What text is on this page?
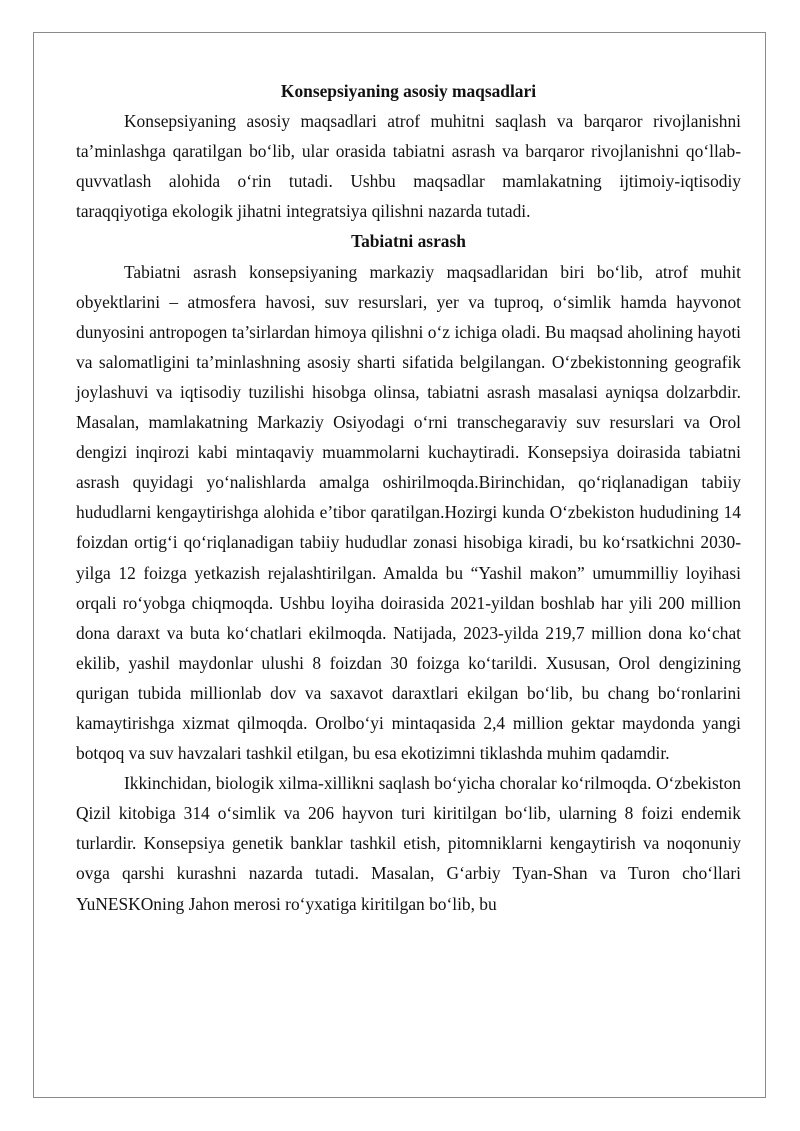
Konsepsiyaning asosiy maqsadlari

Konsepsiyaning asosiy maqsadlari atrof muhitni saqlash va barqaror rivojlanishni ta’minlashga qaratilgan bo‘lib, ular orasida tabiatni asrash va barqaror rivojlanishni qo‘llab-quvvatlash alohida o‘rin tutadi. Ushbu maqsadlar mamlakatning ijtimoiy-iqtisodiy taraqqiyotiga ekologik jihatni integratsiya qilishni nazarda tutadi.

Tabiatni asrash

Tabiatni asrash konsepsiyaning markaziy maqsadlaridan biri bo‘lib, atrof muhit obyektlarini – atmosfera havosi, suv resurslari, yer va tuproq, o‘simlik hamda hayvonot dunyosini antropogen ta’sirlardan himoya qilishni o‘z ichiga oladi. Bu maqsad aholining hayoti va salomatligini ta’minlashning asosiy sharti sifatida belgilangan. O‘zbekistonning geografik joylashuvi va iqtisodiy tuzilishi hisobga olinsa, tabiatni asrash masalasi ayniqsa dolzarbdir. Masalan, mamlakatning Markaziy Osiyodagi o‘rni transchegaraviy suv resurslari va Orol dengizi inqirozi kabi mintaqaviy muammolarni kuchaytiradi. Konsepsiya doirasida tabiatni asrash quyidagi yo‘nalishlarda amalga oshirilmoqda.Birinchidan, qo‘riqlanadigan tabiiy hududlarni kengaytirishga alohida e’tibor qaratilgan.Hozirgi kunda O‘zbekiston hududining 14 foizdan ortig‘i qo‘riqlanadigan tabiiy hududlar zonasi hisobiga kiradi, bu ko‘rsatkichni 2030-yilga 12 foizga yetkazish rejalashtirilgan. Amalda bu “Yashil makon” umummilliy loyihasi orqali ro‘yobga chiqmoqda. Ushbu loyiha doirasida 2021-yildan boshlab har yili 200 million dona daraxt va buta ko‘chatlari ekilmoqda. Natijada, 2023-yilda 219,7 million dona ko‘chat ekilib, yashil maydonlar ulushi 8 foizdan 30 foizga ko‘tarildi. Xususan, Orol dengizining qurigan tubida millionlab dov va saxavot daraxtlari ekilgan bo‘lib, bu chang bo‘ronlarini kamaytirishga xizmat qilmoqda. Orolbo‘yi mintaqasida 2,4 million gektar maydonda yangi botqoq va suv havzalari tashkil etilgan, bu esa ekotizimni tiklashda muhim qadamdir.

Ikkinchidan, biologik xilma-xillikni saqlash bo‘yicha choralar ko‘rilmoqda. O‘zbekiston Qizil kitobiga 314 o‘simlik va 206 hayvon turi kiritilgan bo‘lib, ularning 8 foizi endemik turlardir. Konsepsiya genetik banklar tashkil etish, pitomniklarni kengaytirish va noqonuniy ovga qarshi kurashni nazarda tutadi. Masalan, G‘arbiy Tyan-Shan va Turon cho‘llari YuNESKOning Jahon merosi ro‘yxatiga kiritilgan bo‘lib, bu
